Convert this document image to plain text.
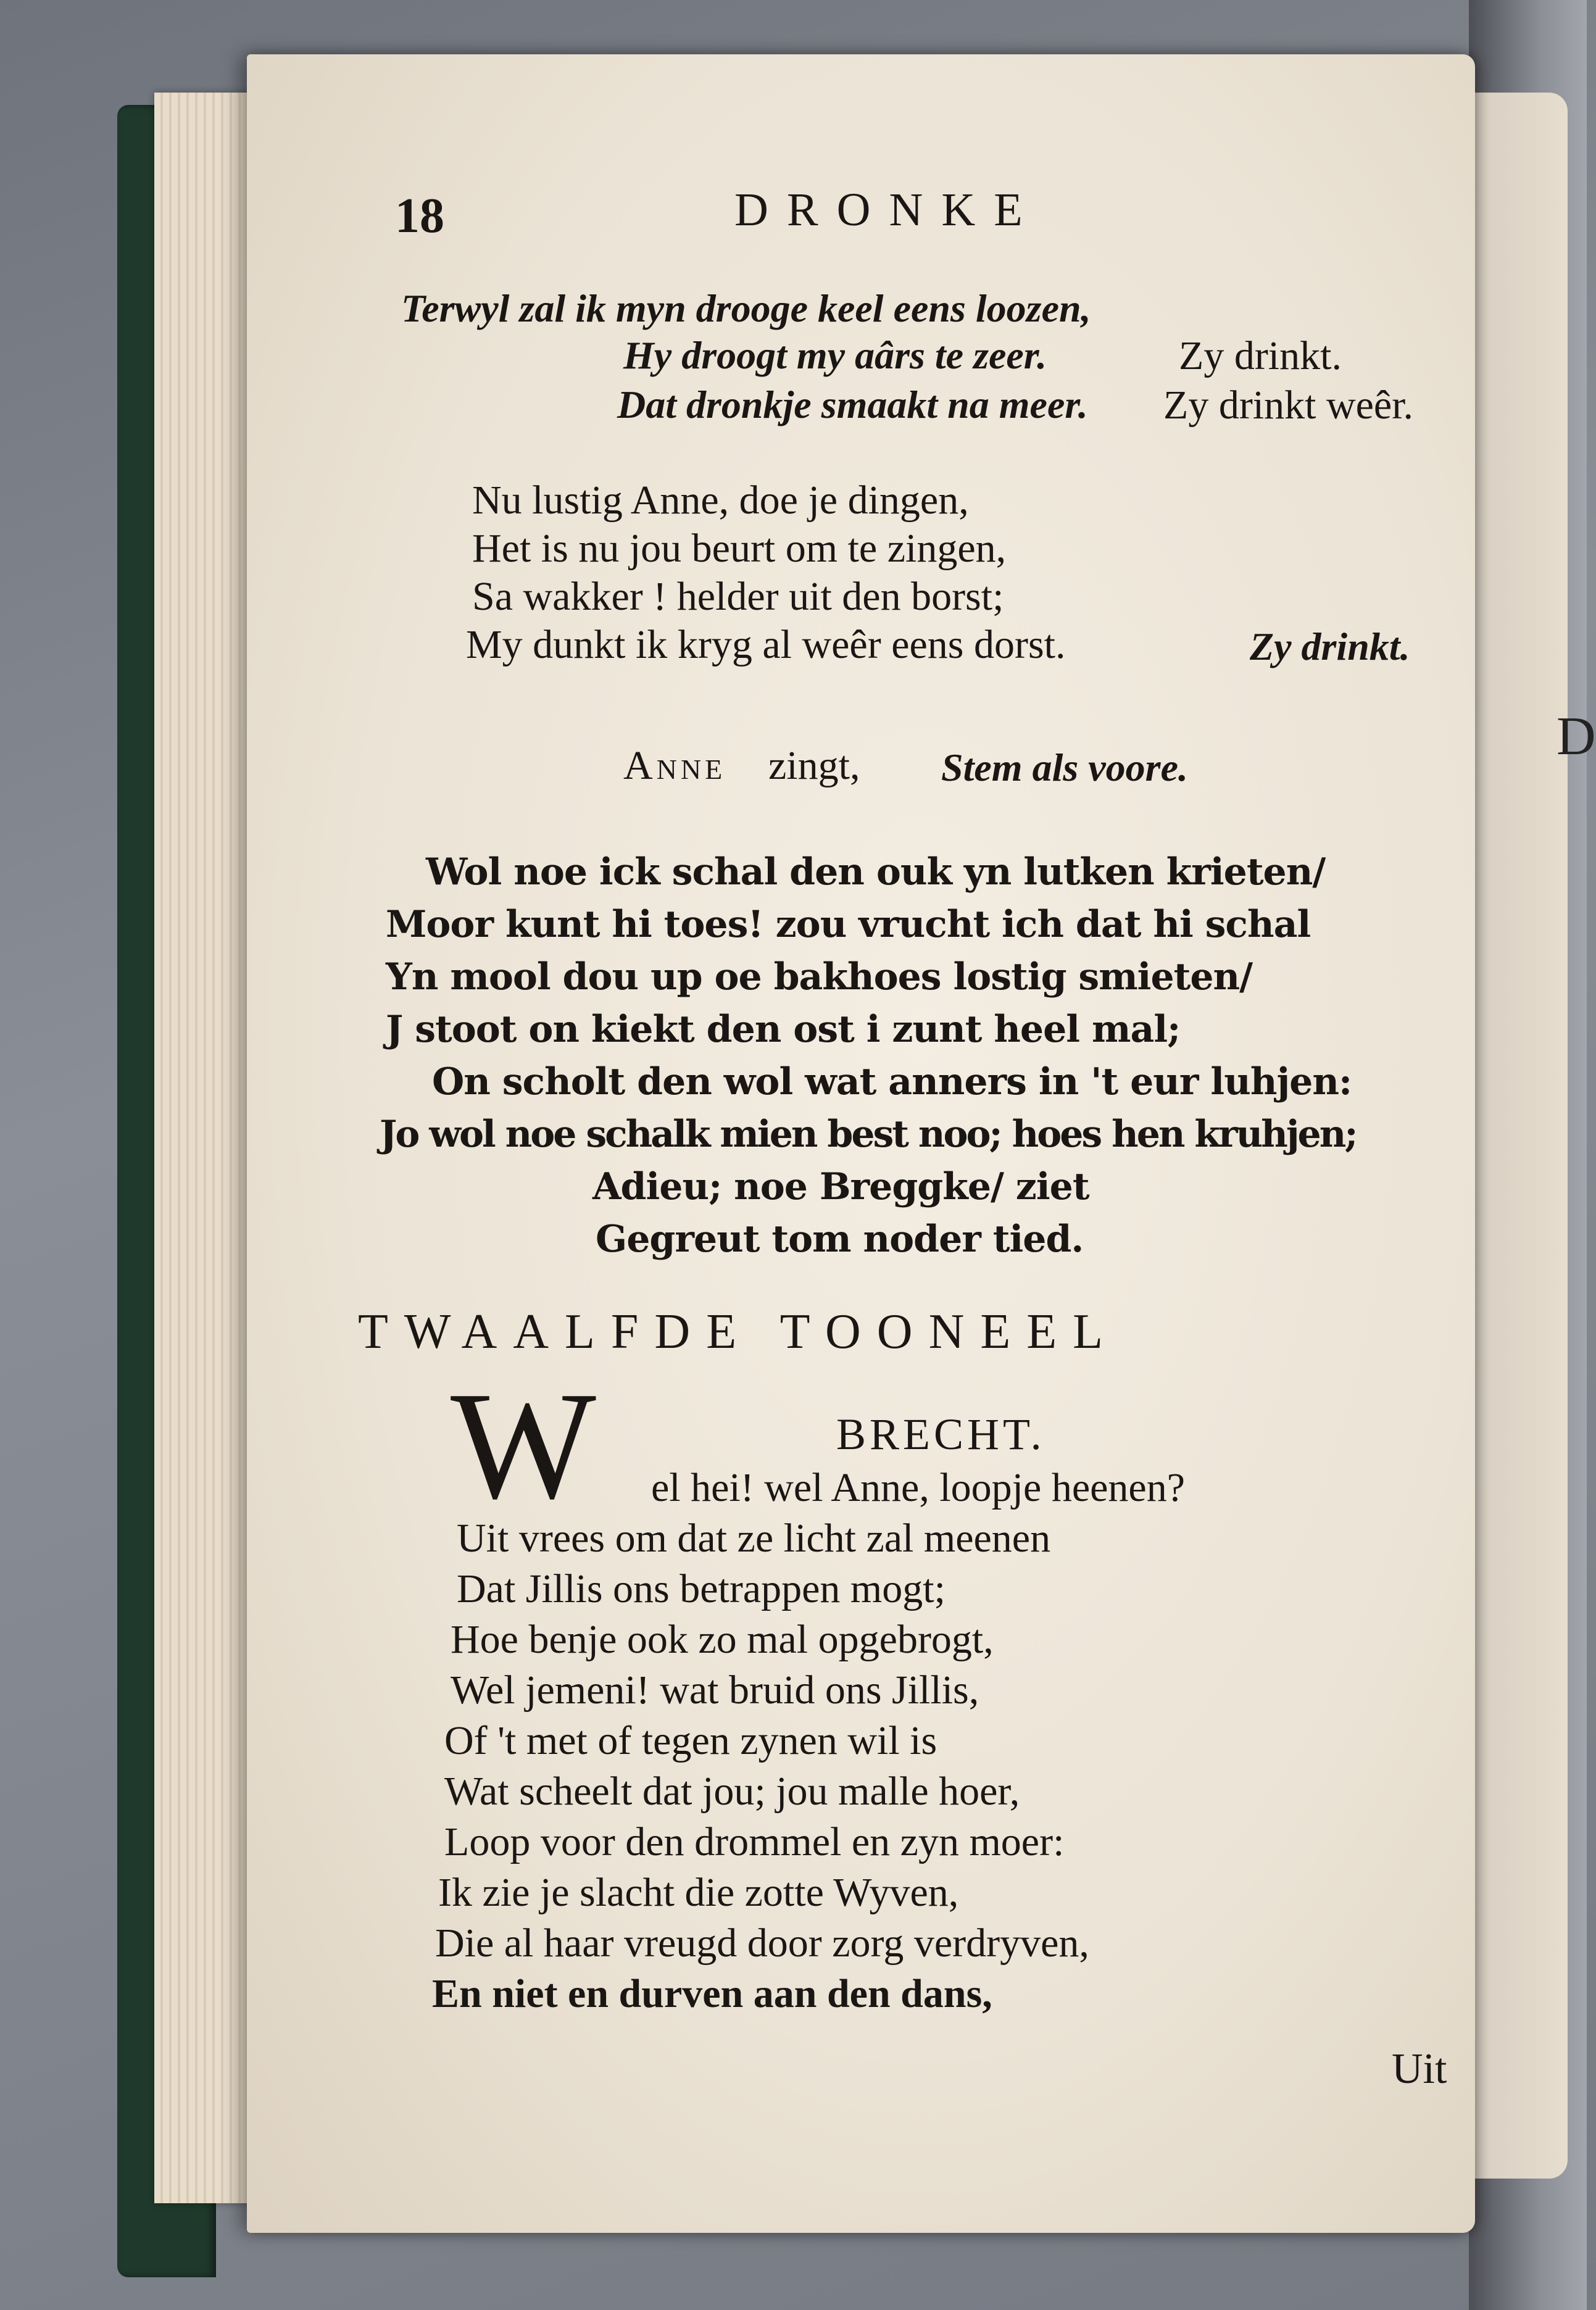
D
18	DRONKE
Terwyl zal ik myn drooge keel eens loozen,
Hy droogt my aârs te zeer.	Zy drinkt.
Dat dronkje smaakt na meer. Zy drinkt weêr.
Nu lustig Anne, doe je dingen,
Het is nu jou beurt om te zingen,
Sa wakker ! helder uit den borst;
My dunkt ik kryg al weêr eens dorst.	Zy drinkt.
Anne zingt, Stem als voore.
Wol noe ick schal den ouk yn lutken krieten/
Moor kunt hi toes! zou vrucht ich dat hi schal
Yn mool dou up oe bakhoes lostig smieten/
J stoot on kiekt den ost i zunt heel mal;
On scholt den wol wat anners in 't eur luhjen:
Jo wol noe schalk mien best noo; hoes hen kruhjen;
Adieu; noe Breggke/ ziet
Gegreut tom noder tied.
TWAALFDE TOONEEL
W	BRECHT.
el hei! wel Anne, loopje heenen?
Uit vrees om dat ze licht zal meenen
Dat Jillis ons betrappen mogt;
Hoe benje ook zo mal opgebrogt,
Wel jemeni! wat bruid ons Jillis,
Of 't met of tegen zynen wil is
Wat scheelt dat jou; jou malle hoer,
Loop voor den drommel en zyn moer:
Ik zie je slacht die zotte Wyven,
Die al haar vreugd door zorg verdryven,
En niet en durven aan den dans,
Uit
